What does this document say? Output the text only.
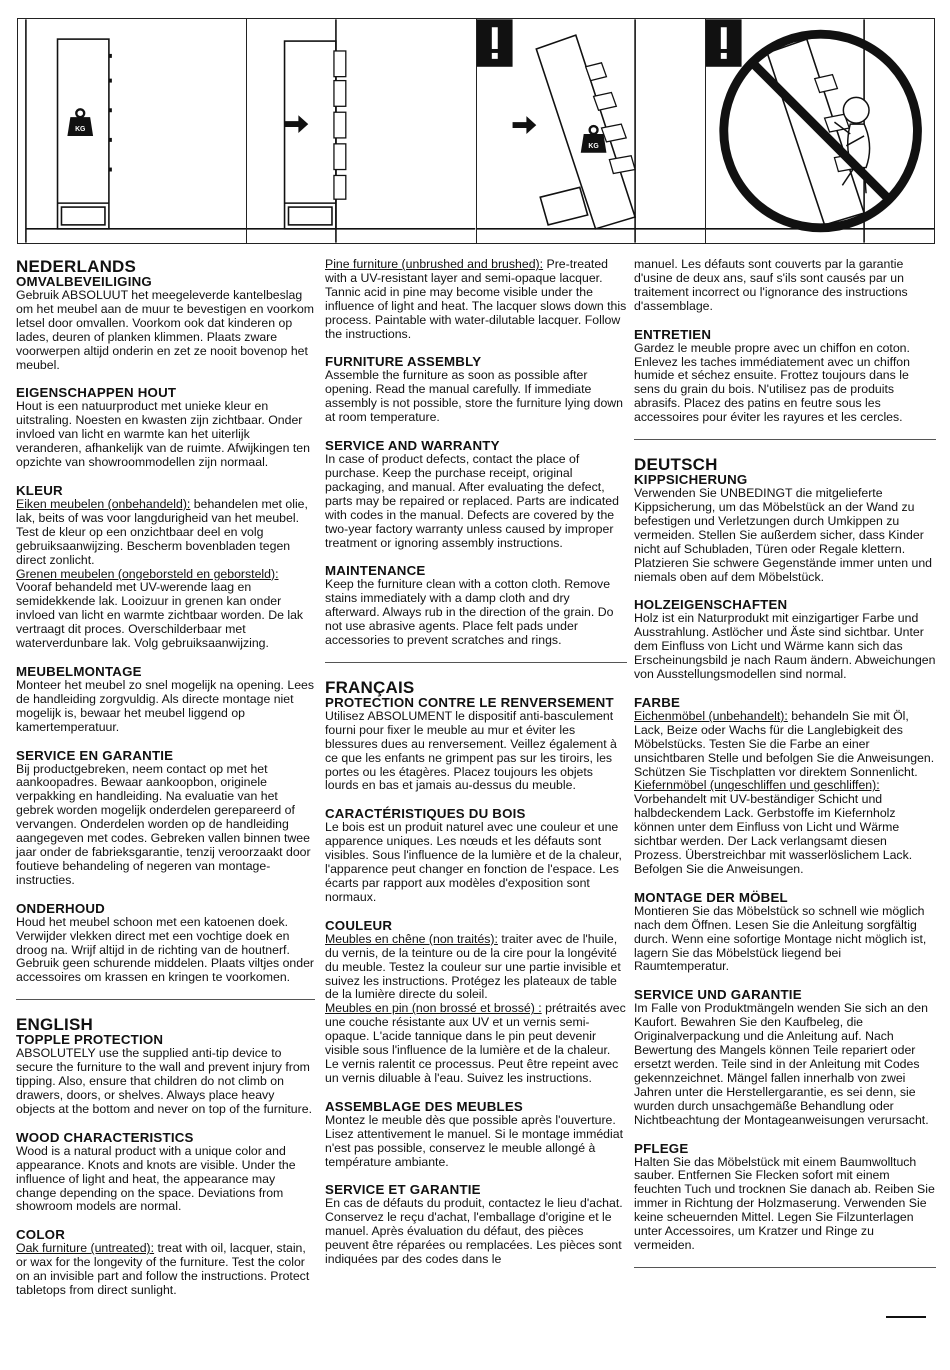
KG
KG
NEDERLANDS
OMVALBEVEILIGING

Gebruik ABSOLUUT het meegeleverde kantelbeslag om het meubel aan de muur te bevestigen en voorkom letsel door omvallen. Voorkom ook dat kinderen op lades, deuren of planken klimmen. Plaats zware voorwerpen altijd onderin en zet ze nooit bovenop het meubel.

EIGENSCHAPPEN HOUT

Hout is een natuurproduct met unieke kleur en uitstraling. Noesten en kwasten zijn zichtbaar. Onder invloed van licht en warmte kan het uiterlijk veranderen, afhankelijk van de ruimte. Afwijkingen ten opzichte van showroommodellen zijn normaal.

KLEUR

Eiken meubelen (onbehandeld): behandelen met olie, lak, beits of was voor langdurigheid van het meubel. Test de kleur op een onzichtbaar deel en volg gebruiksaanwijzing. Bescherm bovenbladen tegen direct zonlicht.

Grenen meubelen (ongeborsteld en geborsteld): Vooraf behandeld met UV-werende laag en semidekkende lak. Looizuur in grenen kan onder invloed van licht en warmte zichtbaar worden. De lak vertraagt dit proces. Overschilderbaar met waterverdunbare lak. Volg gebruiksaanwijzing.

MEUBELMONTAGE

Monteer het meubel zo snel mogelijk na opening. Lees de handleiding zorgvuldig. Als directe montage niet mogelijk is, bewaar het meubel liggend op kamertemperatuur.

SERVICE EN GARANTIE

Bij productgebreken, neem contact op met het aankoopadres. Bewaar aankoopbon, originele verpakking en handleiding. Na evaluatie van het gebrek worden mogelijk onderdelen gerepareerd of vervangen. Onderdelen worden op de handleiding aangegeven met codes. Gebreken vallen binnen twee jaar onder de fabrieksgarantie, tenzij veroorzaakt door foutieve behandeling of negeren van montage-instructies.

ONDERHOUD

Houd het meubel schoon met een katoenen doek. Verwijder vlekken direct met een vochtige doek en droog na. Wrijf altijd in de richting van de houtnerf. Gebruik geen schurende middelen. Plaats viltjes onder accessoires om krassen en kringen te voorkomen.

ENGLISH
TOPPLE PROTECTION

ABSOLUTELY use the supplied anti-tip device to secure the furniture to the wall and prevent injury from tipping. Also, ensure that children do not climb on drawers, doors, or shelves. Always place heavy objects at the bottom and never on top of the furniture.

WOOD CHARACTERISTICS

Wood is a natural product with a unique color and appearance. Knots and knots are visible. Under the influence of light and heat, the appearance may change depending on the space. Deviations from showroom models are normal.

COLOR

Oak furniture (untreated): treat with oil, lacquer, stain, or wax for the longevity of the furniture. Test the color on an invisible part and follow the instructions. Protect tabletops from direct sunlight.

Pine furniture (unbrushed and brushed): Pre-treated with a UV-resistant layer and semi-opaque lacquer. Tannic acid in pine may become visible under the influence of light and heat. The lacquer slows down this process. Paintable with water-dilutable lacquer. Follow the instructions.

FURNITURE ASSEMBLY

Assemble the furniture as soon as possible after opening. Read the manual carefully. If immediate assembly is not possible, store the furniture lying down at room temperature.

SERVICE AND WARRANTY

In case of product defects, contact the place of purchase. Keep the purchase receipt, original packaging, and manual. After evaluating the defect, parts may be repaired or replaced. Parts are indicated with codes in the manual. Defects are covered by the two-year factory warranty unless caused by improper treatment or ignoring assembly instructions.

MAINTENANCE

Keep the furniture clean with a cotton cloth. Remove stains immediately with a damp cloth and dry afterward. Always rub in the direction of the grain. Do not use abrasive agents. Place felt pads under accessories to prevent scratches and rings.

FRANÇAIS
PROTECTION CONTRE LE RENVERSEMENT

Utilisez ABSOLUMENT le dispositif anti-basculement fourni pour fixer le meuble au mur et éviter les blessures dues au renversement. Veillez également à ce que les enfants ne grimpent pas sur les tiroirs, les portes ou les étagères. Placez toujours les objets lourds en bas et jamais au-dessus du meuble.

CARACTÉRISTIQUES DU BOIS

Le bois est un produit naturel avec une couleur et une apparence uniques. Les nœuds et les défauts sont visibles. Sous l'influence de la lumière et de la chaleur, l'apparence peut changer en fonction de l'espace. Les écarts par rapport aux modèles d'exposition sont normaux.

COULEUR

Meubles en chêne (non traités): traiter avec de l'huile, du vernis, de la teinture ou de la cire pour la longévité du meuble. Testez la couleur sur une partie invisible et suivez les instructions. Protégez les plateaux de table de la lumière directe du soleil.

Meubles en pin (non brossé et brossé) : prétraités avec une couche résistante aux UV et un vernis semi-opaque. L'acide tannique dans le pin peut devenir visible sous l'influence de la lumière et de la chaleur. Le vernis ralentit ce processus. Peut être repeint avec un vernis diluable à l'eau. Suivez les instructions.

ASSEMBLAGE DES MEUBLES

Montez le meuble dès que possible après l'ouverture. Lisez attentivement le manuel. Si le montage immédiat n'est pas possible, conservez le meuble allongé à température ambiante.

SERVICE ET GARANTIE

En cas de défauts du produit, contactez le lieu d'achat. Conservez le reçu d'achat, l'emballage d'origine et le manuel. Après évaluation du défaut, des pièces peuvent être réparées ou remplacées. Les pièces sont indiquées par des codes dans le

manuel. Les défauts sont couverts par la garantie d'usine de deux ans, sauf s'ils sont causés par un traitement incorrect ou l'ignorance des instructions d'assemblage.

ENTRETIEN

Gardez le meuble propre avec un chiffon en coton. Enlevez les taches immédiatement avec un chiffon humide et séchez ensuite. Frottez toujours dans le sens du grain du bois. N'utilisez pas de produits abrasifs. Placez des patins en feutre sous les accessoires pour éviter les rayures et les cercles.

DEUTSCH
KIPPSICHERUNG

Verwenden Sie UNBEDINGT die mitgelieferte Kippsicherung, um das Möbelstück an der Wand zu befestigen und Verletzungen durch Umkippen zu vermeiden. Stellen Sie außerdem sicher, dass Kinder nicht auf Schubladen, Türen oder Regale klettern. Platzieren Sie schwere Gegenstände immer unten und niemals oben auf dem Möbelstück.

HOLZEIGENSCHAFTEN

Holz ist ein Naturprodukt mit einzigartiger Farbe und Ausstrahlung. Astlöcher und Äste sind sichtbar. Unter dem Einfluss von Licht und Wärme kann sich das Erscheinungsbild je nach Raum ändern. Abweichungen von Ausstellungsmodellen sind normal.

FARBE

Eichenmöbel (unbehandelt): behandeln Sie mit Öl, Lack, Beize oder Wachs für die Langlebigkeit des Möbelstücks. Testen Sie die Farbe an einer unsichtbaren Stelle und befolgen Sie die Anweisungen. Schützen Sie Tischplatten vor direktem Sonnenlicht.

Kiefernmöbel (ungeschliffen und geschliffen): Vorbehandelt mit UV-beständiger Schicht und halbdeckendem Lack. Gerbstoffe im Kiefernholz können unter dem Einfluss von Licht und Wärme sichtbar werden. Der Lack verlangsamt diesen Prozess. Überstreichbar mit wasserlöslichem Lack. Befolgen Sie die Anweisungen.

MONTAGE DER MÖBEL

Montieren Sie das Möbelstück so schnell wie möglich nach dem Öffnen. Lesen Sie die Anleitung sorgfältig durch. Wenn eine sofortige Montage nicht möglich ist, lagern Sie das Möbelstück liegend bei Raumtemperatur.

SERVICE UND GARANTIE

Im Falle von Produktmängeln wenden Sie sich an den Kaufort. Bewahren Sie den Kaufbeleg, die Originalverpackung und die Anleitung auf. Nach Bewertung des Mangels können Teile repariert oder ersetzt werden. Teile sind in der Anleitung mit Codes gekennzeichnet. Mängel fallen innerhalb von zwei Jahren unter die Herstellergarantie, es sei denn, sie wurden durch unsachgemäße Behandlung oder Nichtbeachtung der Montageanweisungen verursacht.

PFLEGE

Halten Sie das Möbelstück mit einem Baumwolltuch sauber. Entfernen Sie Flecken sofort mit einem feuchten Tuch und trocknen Sie danach ab. Reiben Sie immer in Richtung der Holzmaserung. Verwenden Sie keine scheuernden Mittel. Legen Sie Filzunterlagen unter Accessoires, um Kratzer und Ringe zu vermeiden.
